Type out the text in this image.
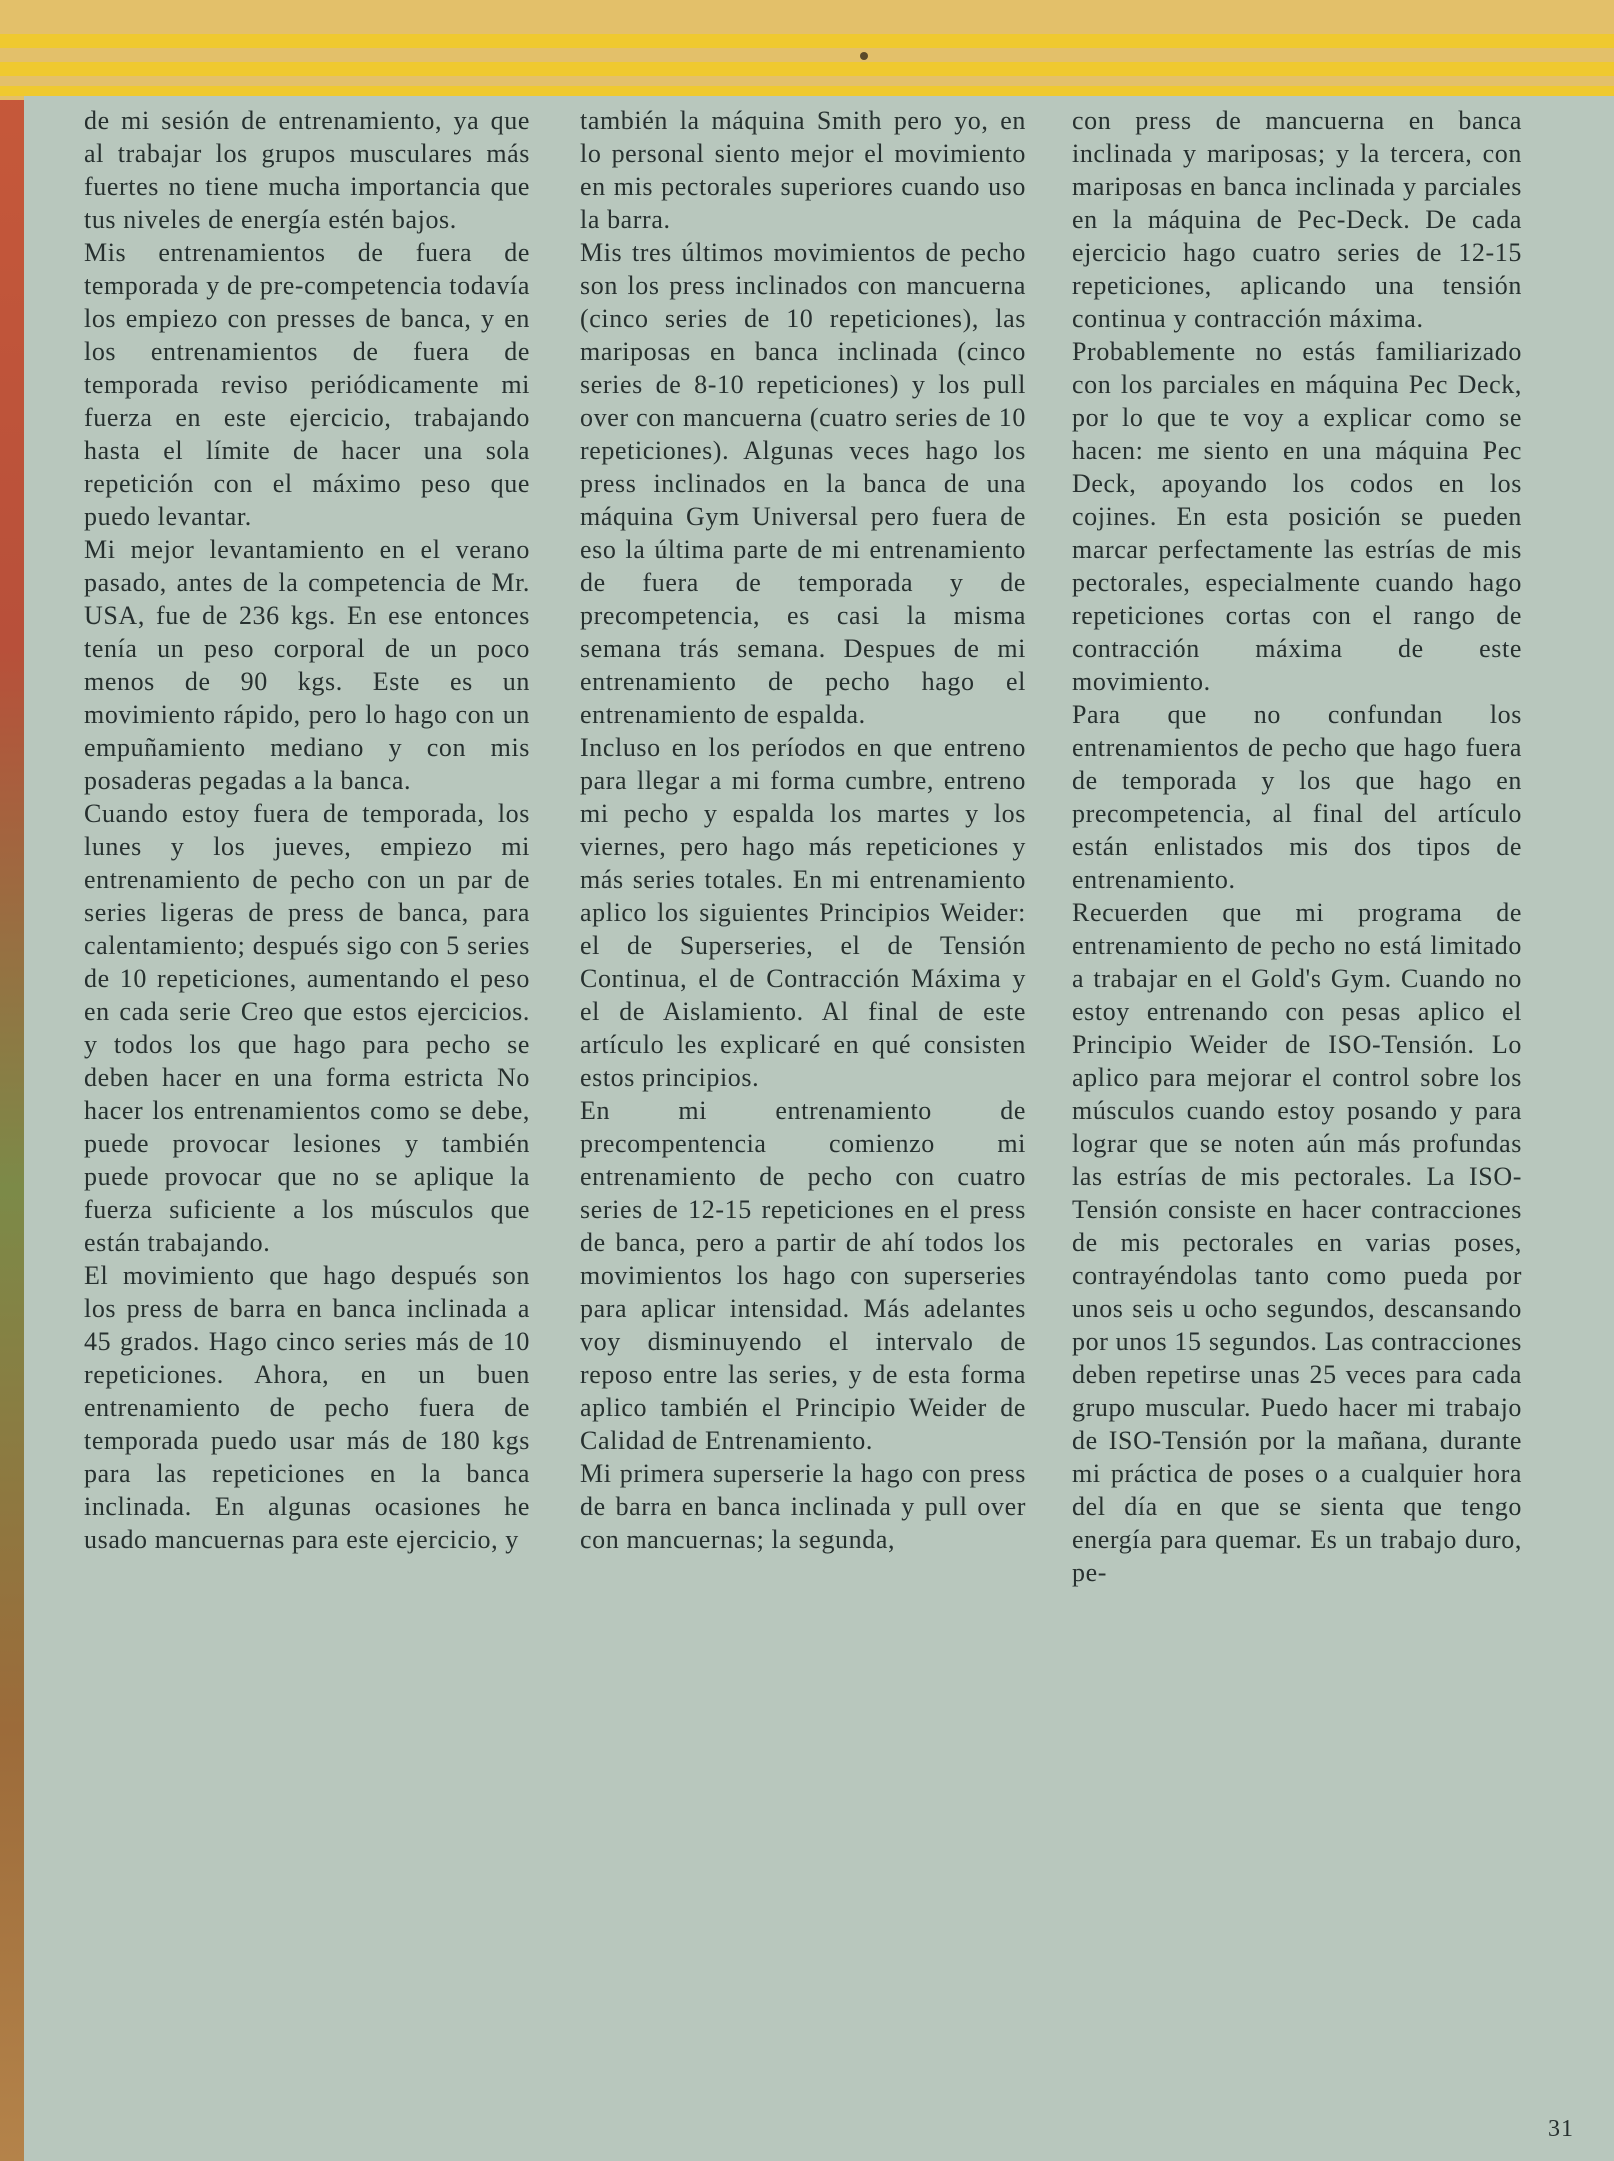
de mi sesión de entrenamiento, ya que al trabajar los grupos musculares más fuertes no tiene mucha importancia que tus niveles de energía estén bajos.

Mis entrenamientos de fuera de temporada y de pre-competencia todavía los empiezo con presses de banca, y en los entrenamientos de fuera de temporada reviso periódicamente mi fuerza en este ejercicio, trabajando hasta el límite de hacer una sola repetición con el máximo peso que puedo levantar.

Mi mejor levantamiento en el verano pasado, antes de la competencia de Mr. USA, fue de 236 kgs. En ese entonces tenía un peso corporal de un poco menos de 90 kgs. Este es un movimiento rápido, pero lo hago con un empuñamiento mediano y con mis posaderas pegadas a la banca.

Cuando estoy fuera de temporada, los lunes y los jueves, empiezo mi entrenamiento de pecho con un par de series ligeras de press de banca, para calentamiento; después sigo con 5 series de 10 repeticiones, aumentando el peso en cada serie Creo que estos ejercicios. y todos los que hago para pecho se deben hacer en una forma estricta No hacer los entrenamientos como se debe, puede provocar lesiones y también puede provocar que no se aplique la fuerza suficiente a los músculos que están trabajando.

El movimiento que hago después son los press de barra en banca inclinada a 45 grados. Hago cinco series más de 10 repeticiones. Ahora, en un buen entrenamiento de pecho fuera de temporada puedo usar más de 180 kgs para las repeticiones en la banca inclinada. En algunas ocasiones he usado mancuernas para este ejercicio, y

también la máquina Smith pero yo, en lo personal siento mejor el movimiento en mis pectorales superiores cuando uso la barra.

Mis tres últimos movimientos de pecho son los press inclinados con mancuerna (cinco series de 10 repeticiones), las mariposas en banca inclinada (cinco series de 8-10 repeticiones) y los pull over con mancuerna (cuatro series de 10 repeticiones). Algunas veces hago los press inclinados en la banca de una máquina Gym Universal pero fuera de eso la última parte de mi entrenamiento de fuera de temporada y de precompetencia, es casi la misma semana trás semana. Despues de mi entrenamiento de pecho hago el entrenamiento de espalda.

Incluso en los períodos en que entreno para llegar a mi forma cumbre, entreno mi pecho y espalda los martes y los viernes, pero hago más repeticiones y más series totales. En mi entrenamiento aplico los siguientes Principios Weider: el de Superseries, el de Tensión Continua, el de Contracción Máxima y el de Aislamiento. Al final de este artículo les explicaré en qué consisten estos principios.

En mi entrenamiento de precompentencia comienzo mi entrenamiento de pecho con cuatro series de 12-15 repeticiones en el press de banca, pero a partir de ahí todos los movimientos los hago con superseries para aplicar intensidad. Más adelantes voy disminuyendo el intervalo de reposo entre las series, y de esta forma aplico también el Principio Weider de Calidad de Entrenamiento.

Mi primera superserie la hago con press de barra en banca inclinada y pull over con mancuernas; la segunda,

con press de mancuerna en banca inclinada y mariposas; y la tercera, con mariposas en banca inclinada y parciales en la máquina de Pec-Deck. De cada ejercicio hago cuatro series de 12-15 repeticiones, aplicando una tensión continua y contracción máxima.

Probablemente no estás familiarizado con los parciales en máquina Pec Deck, por lo que te voy a explicar como se hacen: me siento en una máquina Pec Deck, apoyando los codos en los cojines. En esta posición se pueden marcar perfectamente las estrías de mis pectorales, especialmente cuando hago repeticiones cortas con el rango de contracción máxima de este movimiento.

Para que no confundan los entrenamientos de pecho que hago fuera de temporada y los que hago en precompetencia, al final del artículo están enlistados mis dos tipos de entrenamiento.

Recuerden que mi programa de entrenamiento de pecho no está limitado a trabajar en el Gold's Gym. Cuando no estoy entrenando con pesas aplico el Principio Weider de ISO-Tensión. Lo aplico para mejorar el control sobre los músculos cuando estoy posando y para lograr que se noten aún más profundas las estrías de mis pectorales. La ISO-Tensión consiste en hacer contracciones de mis pectorales en varias poses, contrayéndolas tanto como pueda por unos seis u ocho segundos, descansando por unos 15 segundos. Las contracciones deben repetirse unas 25 veces para cada grupo muscular. Puedo hacer mi trabajo de ISO-Tensión por la mañana, durante mi práctica de poses o a cualquier hora del día en que se sienta que tengo energía para quemar. Es un trabajo duro, pe-

31
